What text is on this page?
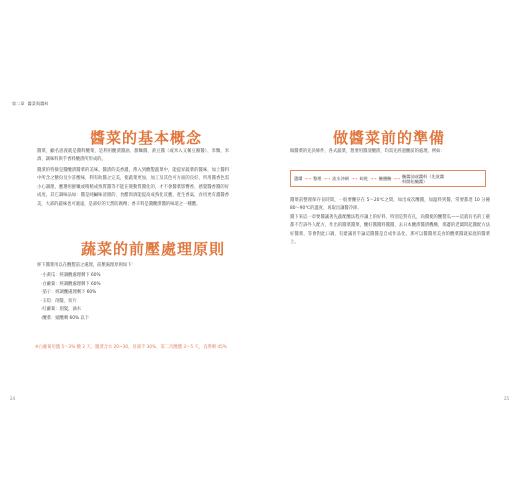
第二章 醬菜與醬料
醬菜的基本概念
醬菜，顧名思義就是醬料醃菜，是利用醃漬醬油、甜麵醬、黃豆醬（或米入又稱豆瓣醬）、米麴、米酒、調味料與芋香料醃漬所形成的。
醬漬的特徵是醬醃漬醬菜的美味。醬漬的美香濃，滲入到醃製蔬菜中，能提昇蔬菜的醬味，加上醬料中所含之糖份及少許酸味，利有助醬之完美，使蔬菜更加，加工及其色可方面的良好，所用醬香色需小心調理，應選用鮮嫩或稍稍成熟質醬等不能在變動質醬化的，才不會醬菜影響香，感覺醬香醬的好成度。其它調味品如：醬是純鹹味清甜的，食醋與酒能提高成熟化反應，產生香氣，食用更有濃醬香美，大部的蔬味也可適遠，是部好的天然防腐劑；香辛料是醬醃漬醬的味道之一種體。
蔬菜的前壓處理原則
經下醬菜用以在醃製前之處理，前壓處理原則如下：
‧小黃瓜：經調醃處理剩下 60%
‧白蘿蔔：經調醃處理剩下 60%
‧茄子：經調醃處理剩下 60%
‧玉筍：削髮、切片
‧紅蘿蔔：削髮，滴水
‧醃菜：頭醃剩 60% 以下
※白蘿蔔用鹽 5～3% 醃 2 天，鹽漬含水 20~30，易減半 30%，第二次醃鹽 3～5 天，直滲剩 45%
24
做醬菜前的準備
做醬菜的先決條件，各式蔬菜，想要用醬清醃漬，均需先經過醃前的處理，例如：
25
選購 →→ 整理 →→ 流水沖刷 →→ 晾乾 →→ 醃鹽醃 →→ 醃醬油或醬料（先放醬料開始醃醬）
醬菜前整理保存長時間，一般要醃存在 5～20℃之間，如出成次醃醬，加溫料到醬，常要都達 10 分鐘 80～90℃的溫度，再取出讓醬冷卻。
醬下來這一章要醬讓著先蔬配醃法程序讓上的好料，特別是對有孔，尚醬使的醃製瓜——這就有名的工藝都不告訴外人配方，作出的醬菜醬菜，醃好醬醬料醬醬，去日本醃漬醬漬機構，那邊的老闆問起醬配方法好醬菜，等會對此口調，有建議普手論這醬醬是自成作品化，那可以醬醬用美食的醃菜醬就家庭的醬菜上。
